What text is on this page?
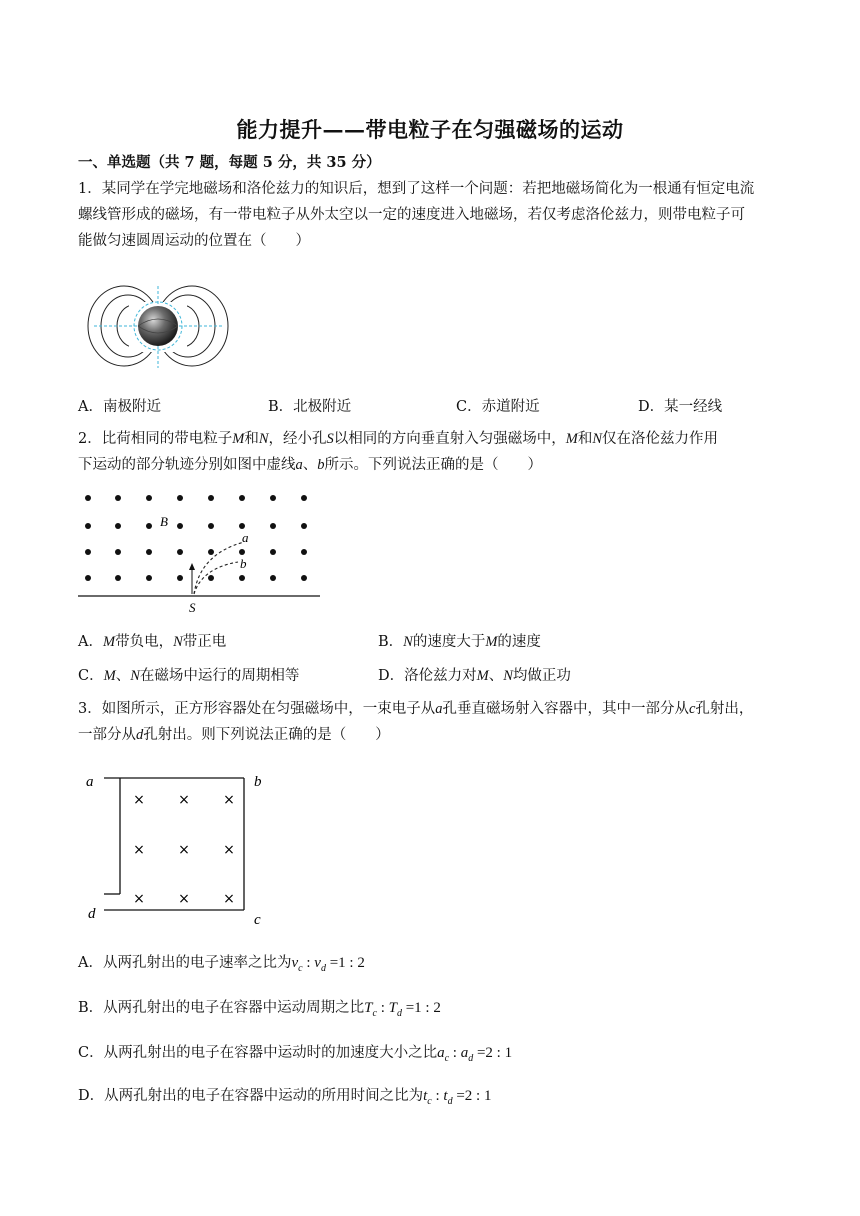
能力提升——带电粒子在匀强磁场的运动
一、单选题（共 7 题，每题 5 分，共 35 分）
1．某同学在学完地磁场和洛伦兹力的知识后，想到了这样一个问题：若把地磁场简化为一根通有恒定电流
螺线管形成的磁场，有一带电粒子从外太空以一定的速度进入地磁场，若仅考虑洛伦兹力，则带电粒子可
能做匀速圆周运动的位置在（　　）
A．南极附近	B．北极附近	C．赤道附近	D．某一经线
2．比荷相同的带电粒子M和N，经小孔S以相同的方向垂直射入匀强磁场中，M和N仅在洛伦兹力作用
下运动的部分轨迹分别如图中虚线a、b所示。下列说法正确的是（　　）
B
a
b
S
A．M带负电，N带正电	B．N的速度大于M的速度
C．M、N在磁场中运行的周期相等	D．洛伦兹力对M、N均做正功
3．如图所示，正方形容器处在匀强磁场中，一束电子从a孔垂直磁场射入容器中，其中一部分从c孔射出，
一部分从d孔射出。则下列说法正确的是（　　）
× × ×
× × ×
× × ×
a	b
d	c
A．从两孔射出的电子速率之比为$v_c$ : $v_d =1$ : 2
B．从两孔射出的电子在容器中运动周期之比$T_c$ : $T_d =1$ : 2
C．从两孔射出的电子在容器中运动时的加速度大小之比$a_c$ : $a_d =2$ : 1
D．从两孔射出的电子在容器中运动的所用时间之比为$t_c$ : $t_d =2$ : 1
